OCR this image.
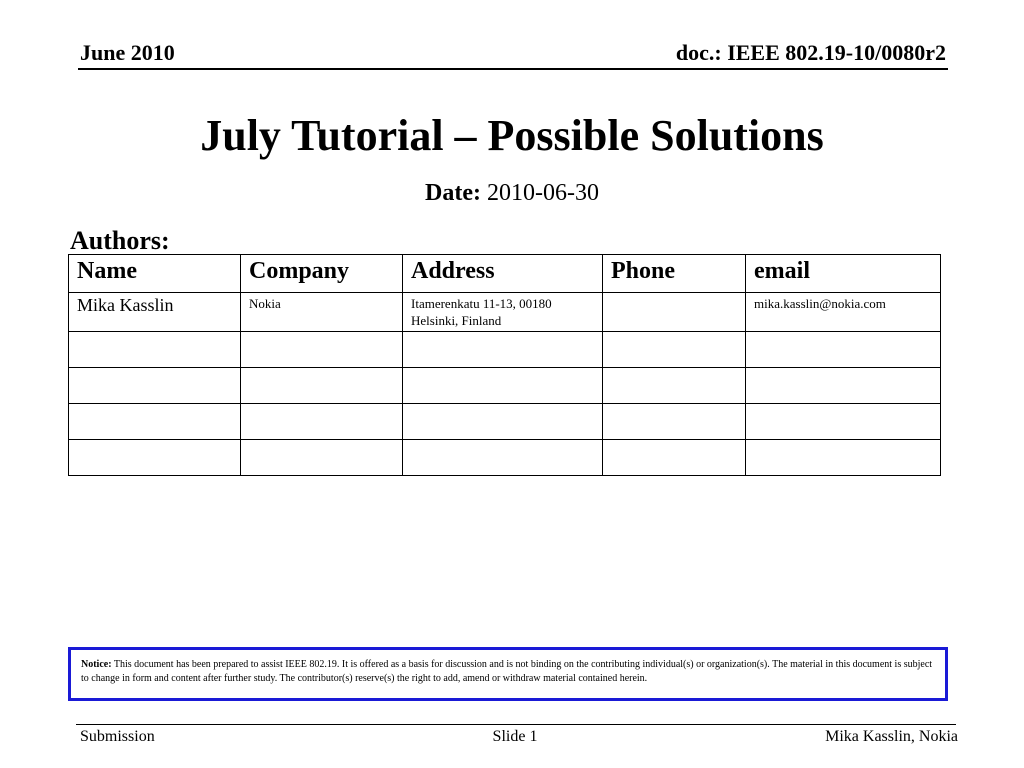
June 2010	doc.: IEEE 802.19-10/0080r2
July Tutorial – Possible Solutions
Date: 2010-06-30
Authors:
Name	Company	Address	Phone	email
Mika Kasslin	Nokia	Itamerenkatu 11-13, 00180 Helsinki, Finland		mika.kasslin@nokia.com

Notice: This document has been prepared to assist IEEE 802.19. It is offered as a basis for discussion and is not binding on the contributing individual(s) or organization(s). The material in this document is subject to change in form and content after further study. The contributor(s) reserve(s) the right to add, amend or withdraw material contained herein.
Submission	Slide 1	Mika Kasslin, Nokia
